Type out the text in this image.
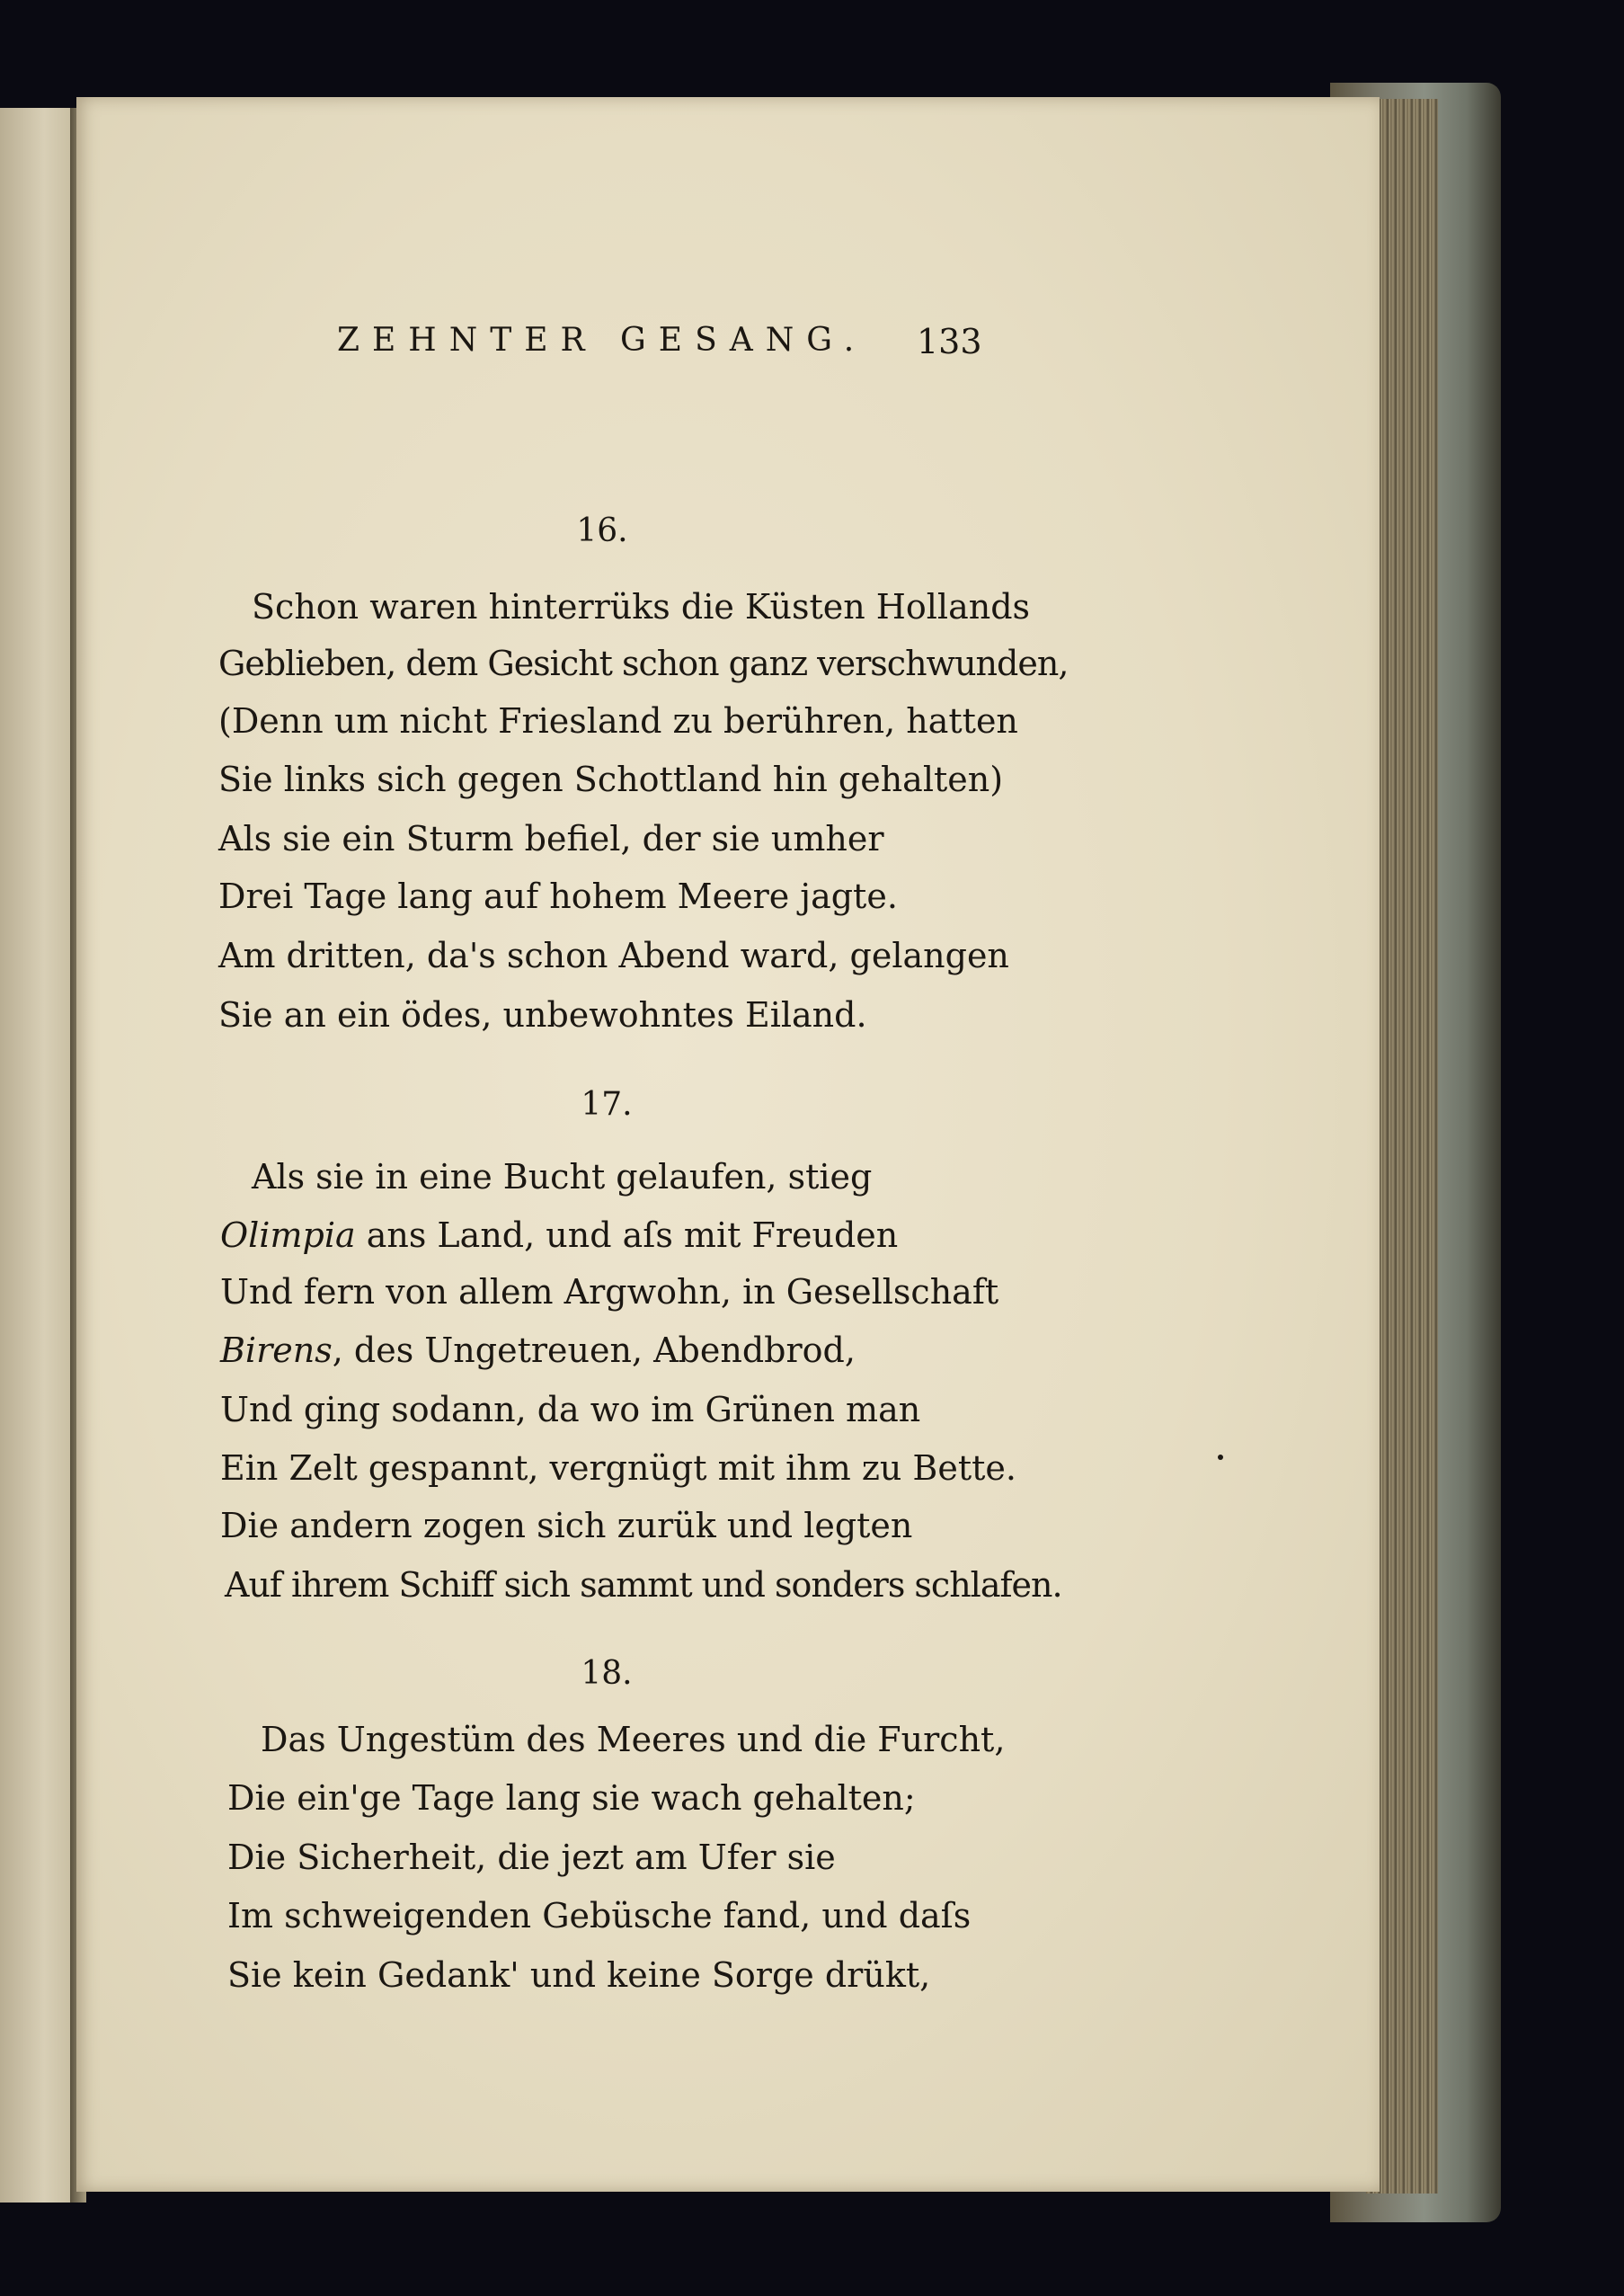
ZEHNTER GESANG.	133
16.
Schon waren hinterrüks die Küsten Hollands
Geblieben, dem Gesicht schon ganz verschwunden,
(Denn um nicht Friesland zu berühren, hatten
Sie links sich gegen Schottland hin gehalten)
Als sie ein Sturm befiel, der sie umher
Drei Tage lang auf hohem Meere jagte.
Am dritten, da's schon Abend ward, gelangen
Sie an ein ödes, unbewohntes Eiland.
17.
Als sie in eine Bucht gelaufen, stieg
Olimpia ans Land, und aſs mit Freuden
Und fern von allem Argwohn, in Gesellschaft
Birens, des Ungetreuen, Abendbrod,
Und ging sodann, da wo im Grünen man
Ein Zelt gespannt, vergnügt mit ihm zu Bette.
Die andern zogen sich zurük und legten
Auf ihrem Schiff sich sammt und sonders schlafen.
18.
Das Ungestüm des Meeres und die Furcht,
Die ein'ge Tage lang sie wach gehalten;
Die Sicherheit, die jezt am Ufer sie
Im schweigenden Gebüsche fand, und daſs
Sie kein Gedank' und keine Sorge drükt,
